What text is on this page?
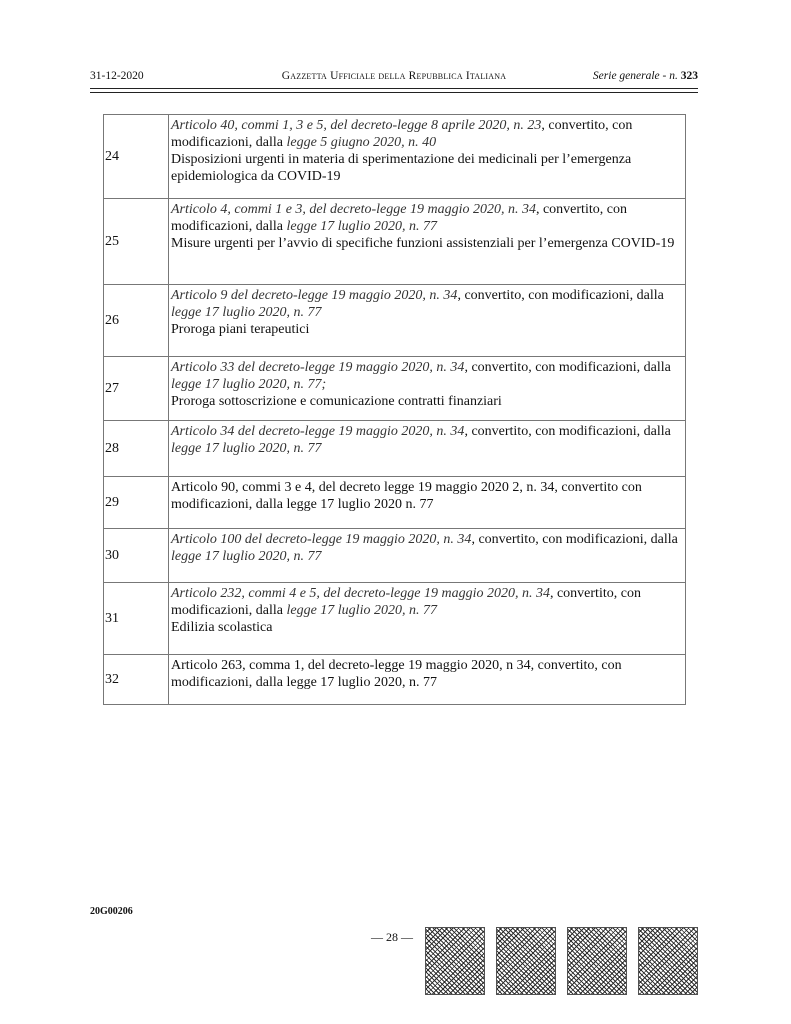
31-12-2020	Gazzetta Ufficiale della Repubblica Italiana	Serie generale - n. 323
24	Articolo 40, commi 1, 3 e 5, del decreto-legge 8 aprile 2020, n. 23, convertito, con modificazioni, dalla legge 5 giugno 2020, n. 40
Disposizioni urgenti in materia di sperimentazione dei medicinali per l’emergenza epidemiologica da COVID-19
25	Articolo 4, commi 1 e 3, del decreto-legge 19 maggio 2020, n. 34, convertito, con modificazioni, dalla legge 17 luglio 2020, n. 77
Misure urgenti per l’avvio di specifiche funzioni assistenziali per l’emergenza COVID-19
26	Articolo 9 del decreto-legge 19 maggio 2020, n. 34, convertito, con modificazioni, dalla legge 17 luglio 2020, n. 77
Proroga piani terapeutici
27	Articolo 33 del decreto-legge 19 maggio 2020, n. 34, convertito, con modificazioni, dalla legge 17 luglio 2020, n. 77;
Proroga sottoscrizione e comunicazione contratti finanziari
28	Articolo 34 del decreto-legge 19 maggio 2020, n. 34, convertito, con modificazioni, dalla legge 17 luglio 2020, n. 77
29	Articolo 90, commi 3 e 4, del decreto legge 19 maggio 2020 2, n. 34, convertito con modificazioni, dalla legge 17 luglio 2020 n. 77
30	Articolo 100 del decreto-legge 19 maggio 2020, n. 34, convertito, con modificazioni, dalla legge 17 luglio 2020, n. 77
31	Articolo 232, commi 4 e 5, del decreto-legge 19 maggio 2020, n. 34, convertito, con modificazioni, dalla legge 17 luglio 2020, n. 77
Edilizia scolastica
32	Articolo 263, comma 1, del decreto-legge 19 maggio 2020, n 34, convertito, con modificazioni, dalla legge 17 luglio 2020, n. 77
20G00206
— 28 —
